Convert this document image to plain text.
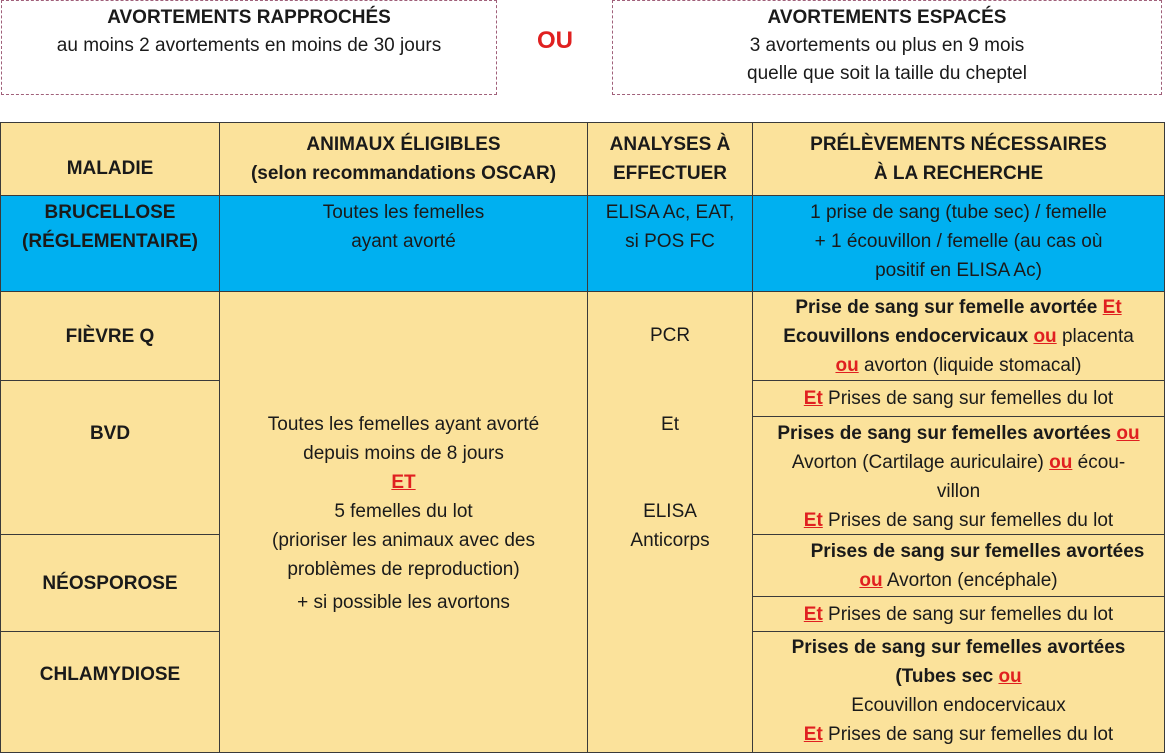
AVORTEMENTS RAPPROCHÉS
au moins 2 avortements en moins de 30 jours	OU
AVORTEMENTS ESPACÉS
3 avortements ou plus en 9 mois
quelle que soit la taille du cheptel
MALADIE
ANIMAUX ÉLIGIBLES
(selon recommandations OSCAR)
ANALYSES À
EFFECTUER
PRÉLÈVEMENTS NÉCESSAIRES
À LA RECHERCHE
BRUCELLOSE
(RÉGLEMENTAIRE)
Toutes les femelles
ayant avorté
ELISA Ac, EAT,
si POS FC
1 prise de sang (tube sec) / femelle
+ 1 écouvillon / femelle (au cas où
positif en ELISA Ac)
FIÈVRE Q
BVD
NÉOSPOROSE
CHLAMYDIOSE
Toutes les femelles ayant avorté
depuis moins de 8 jours
ET
5 femelles du lot
(prioriser les animaux avec des
problèmes de reproduction)
+ si possible les avortons
PCR
Et
ELISA
Anticorps
Prise de sang sur femelle avortée Et
Ecouvillons endocervicaux ou placenta
ou avorton (liquide stomacal)
Et Prises de sang sur femelles du lot
Prises de sang sur femelles avortées ou
Avorton (Cartilage auriculaire) ou écou-
villon
Et Prises de sang sur femelles du lot
Prises de sang sur femelles avortées
ou Avorton (encéphale)
Et Prises de sang sur femelles du lot
Prises de sang sur femelles avortées
(Tubes sec ou
Ecouvillon endocervicaux
Et Prises de sang sur femelles du lot
